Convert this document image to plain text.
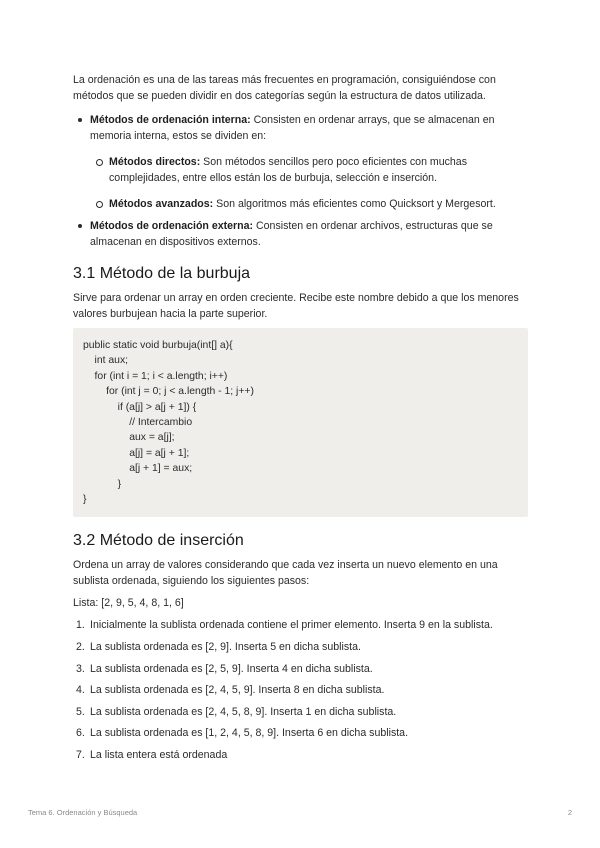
La ordenación es una de las tareas más frecuentes en programación, consiguiéndose con métodos que se pueden dividir en dos categorías según la estructura de datos utilizada.

Métodos de ordenación interna: Consisten en ordenar arrays, que se almacenan en memoria interna, estos se dividen en:
Métodos directos: Son métodos sencillos pero poco eficientes con muchas complejidades, entre ellos están los de burbuja, selección e inserción.
Métodos avanzados: Son algoritmos más eficientes como Quicksort y Mergesort.
Métodos de ordenación externa: Consisten en ordenar archivos, estructuras que se almacenan en dispositivos externos.
3.1 Método de la burbuja

Sirve para ordenar un array en orden creciente. Recibe este nombre debido a que los menores valores burbujean hacia la parte superior.

public static void burbuja(int[] a){
int aux;
for (int i = 1; i < a.length; i++)
for (int j = 0; j < a.length - 1; j++)
if (a[j] > a[j + 1]) {
// Intercambio
aux = a[j];
a[j] = a[j + 1];
a[j + 1] = aux;
}
}
3.2 Método de inserción

Ordena un array de valores considerando que cada vez inserta un nuevo elemento en una sublista ordenada, siguiendo los siguientes pasos:

Lista: [2, 9, 5, 4, 8, 1, 6]

1. Inicialmente la sublista ordenada contiene el primer elemento. Inserta 9 en la sublista.
2. La sublista ordenada es [2, 9]. Inserta 5 en dicha sublista.
3. La sublista ordenada es [2, 5, 9]. Inserta 4 en dicha sublista.
4. La sublista ordenada es [2, 4, 5, 9]. Inserta 8 en dicha sublista.
5. La sublista ordenada es [2, 4, 5, 8, 9]. Inserta 1 en dicha sublista.
6. La sublista ordenada es [1, 2, 4, 5, 8, 9]. Inserta 6 en dicha sublista.
7. La lista entera está ordenada
Tema 6. Ordenación y Búsqueda	2
